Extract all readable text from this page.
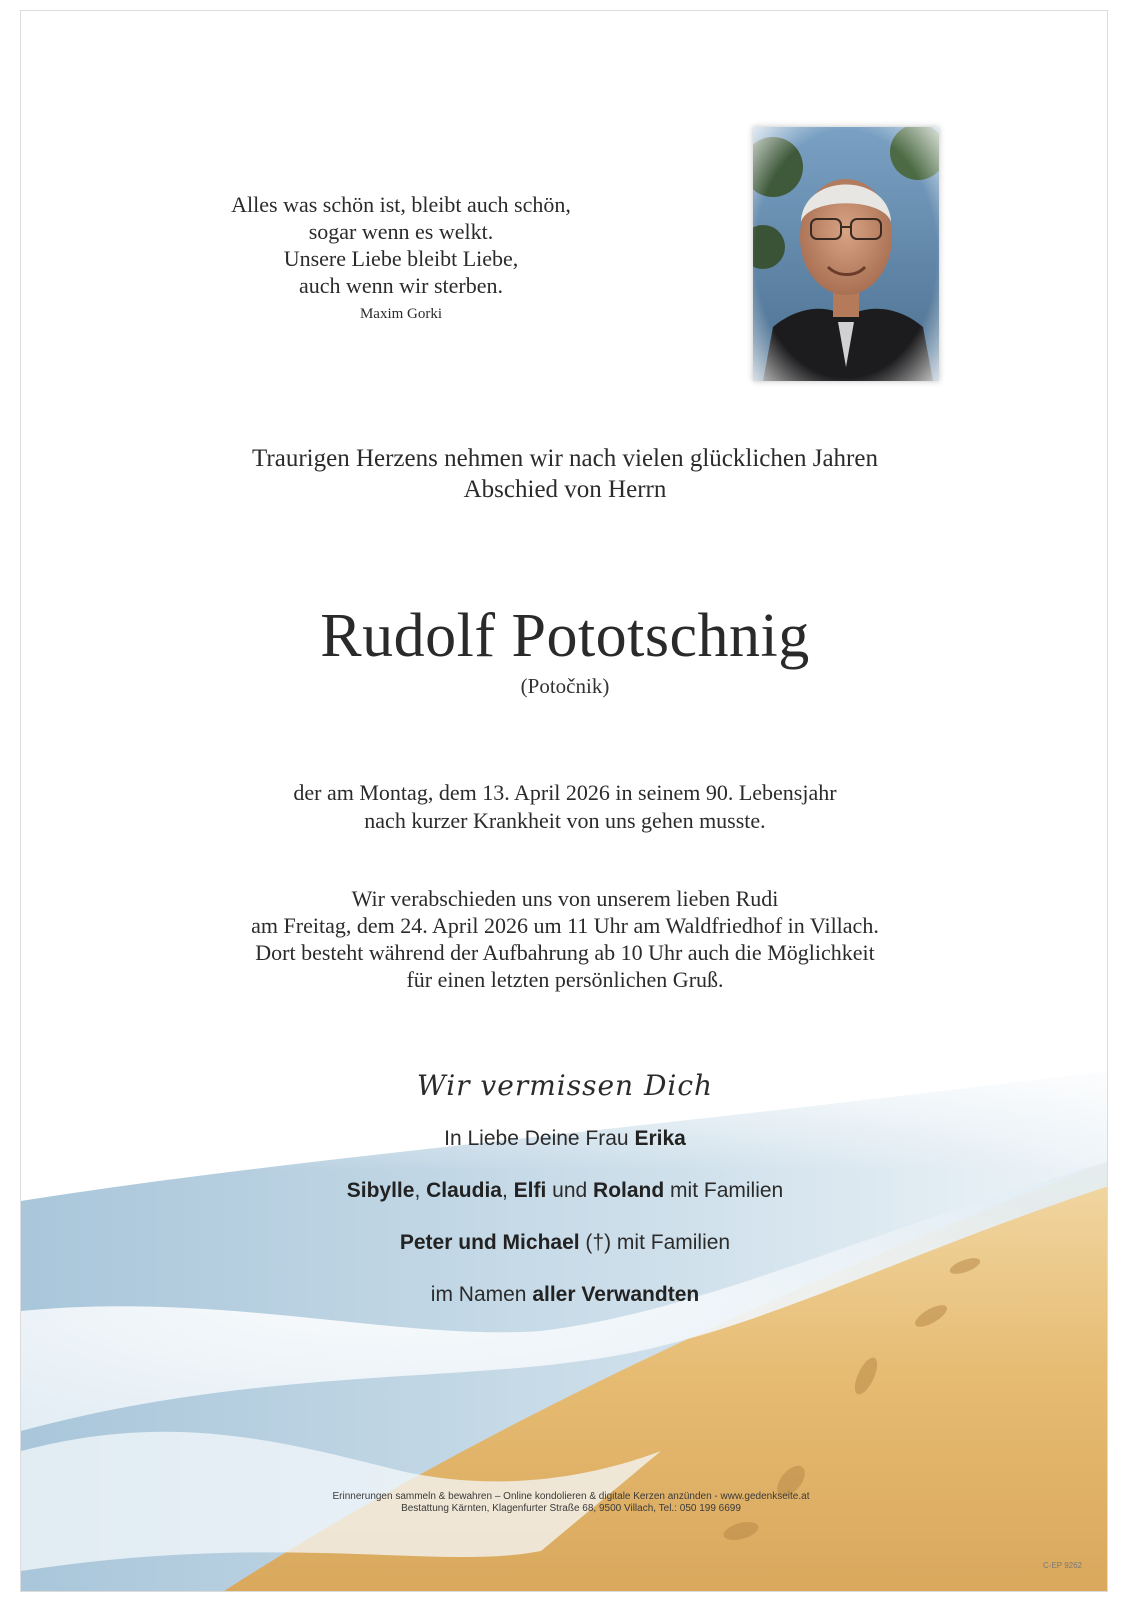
Alles was schön ist, bleibt auch schön,
sogar wenn es welkt.
Unsere Liebe bleibt Liebe,
auch wenn wir sterben.
Maxim Gorki
Traurigen Herzens nehmen wir nach vielen glücklichen Jahren
Abschied von Herrn
Rudolf Pototschnig
(Potočnik)
der am Montag, dem 13. April 2026 in seinem 90. Lebensjahr
nach kurzer Krankheit von uns gehen musste.
Wir verabschieden uns von unserem lieben Rudi
am Freitag, dem 24. April 2026 um 11 Uhr am Waldfriedhof in Villach.
Dort besteht während der Aufbahrung ab 10 Uhr auch die Möglichkeit
für einen letzten persönlichen Gruß.
Wir vermissen Dich
In Liebe Deine Frau Erika
Sibylle, Claudia, Elfi und Roland mit Familien
Peter und Michael (†) mit Familien
im Namen aller Verwandten
Erinnerungen sammeln & bewahren – Online kondolieren & digitale Kerzen anzünden - www.gedenkseite.at
Bestattung Kärnten, Klagenfurter Straße 68, 9500 Villach, Tel.: 050 199 6699
C-EP 9262
